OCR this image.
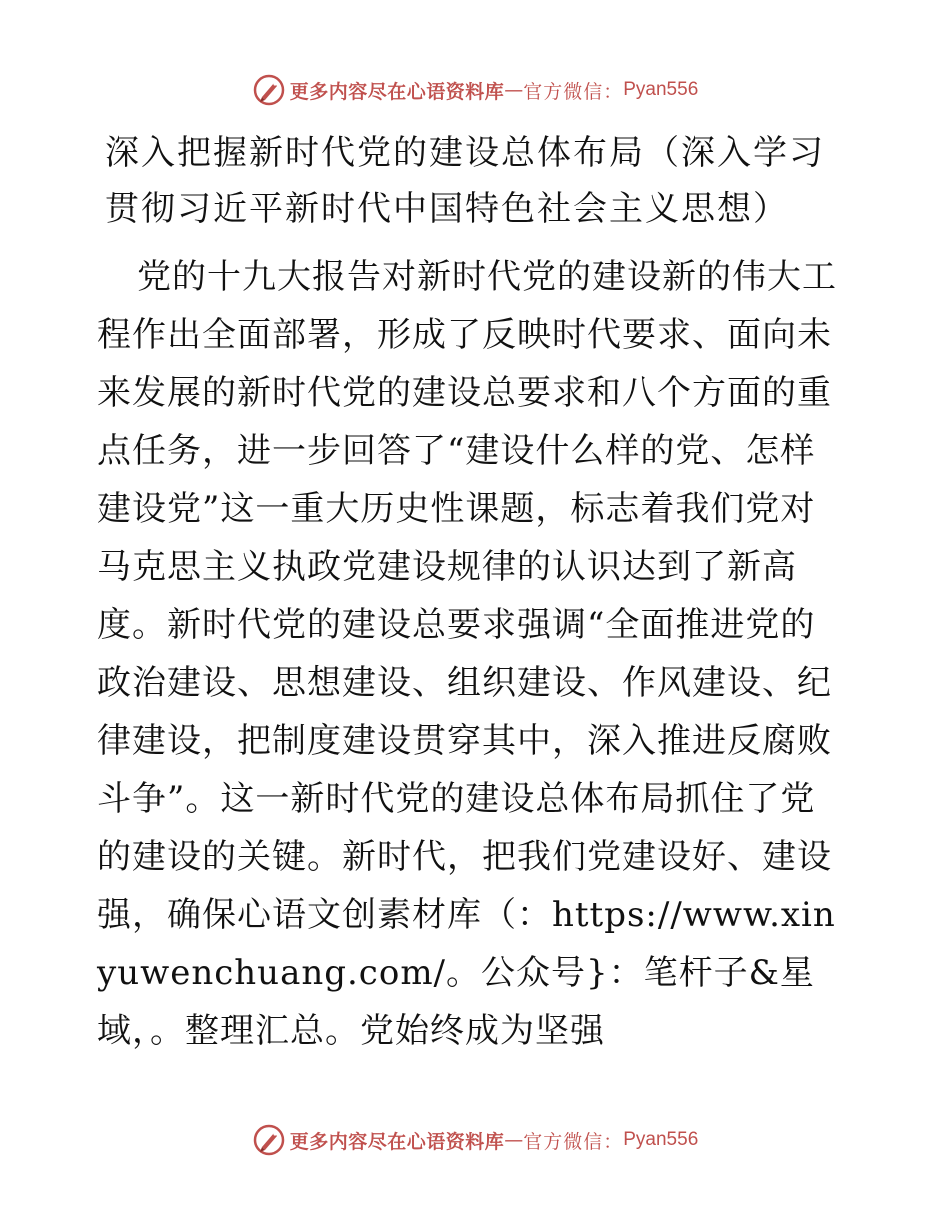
更多内容尽在心语资料库 — 官方微信： Pyan556
深入把握新时代党的建设总体布局（深入学习贯彻习近平新时代中国特色社会主义思想）

党的十九大报告对新时代党的建设新的伟大工程作出全面部署，形成了反映时代要求、面向未来发展的新时代党的建设总要求和八个方面的重点任务，进一步回答了“建设什么样的党、怎样建设党”这一重大历史性课题，标志着我们党对马克思主义执政党建设规律的认识达到了新高度。新时代党的建设总要求强调“全面推进党的政治建设、思想建设、组织建设、作风建设、纪律建设，把制度建设贯穿其中，深入推进反腐败斗争”。这一新时代党的建设总体布局抓住了党的建设的关键。新时代，把我们党建设好、建设强，确保心语文创素材库（：https://www.xinyuwenchuang.com/。公众号}：笔杆子&星域，。整理汇总。党始终成为坚强

更多内容尽在心语资料库 — 官方微信： Pyan556
